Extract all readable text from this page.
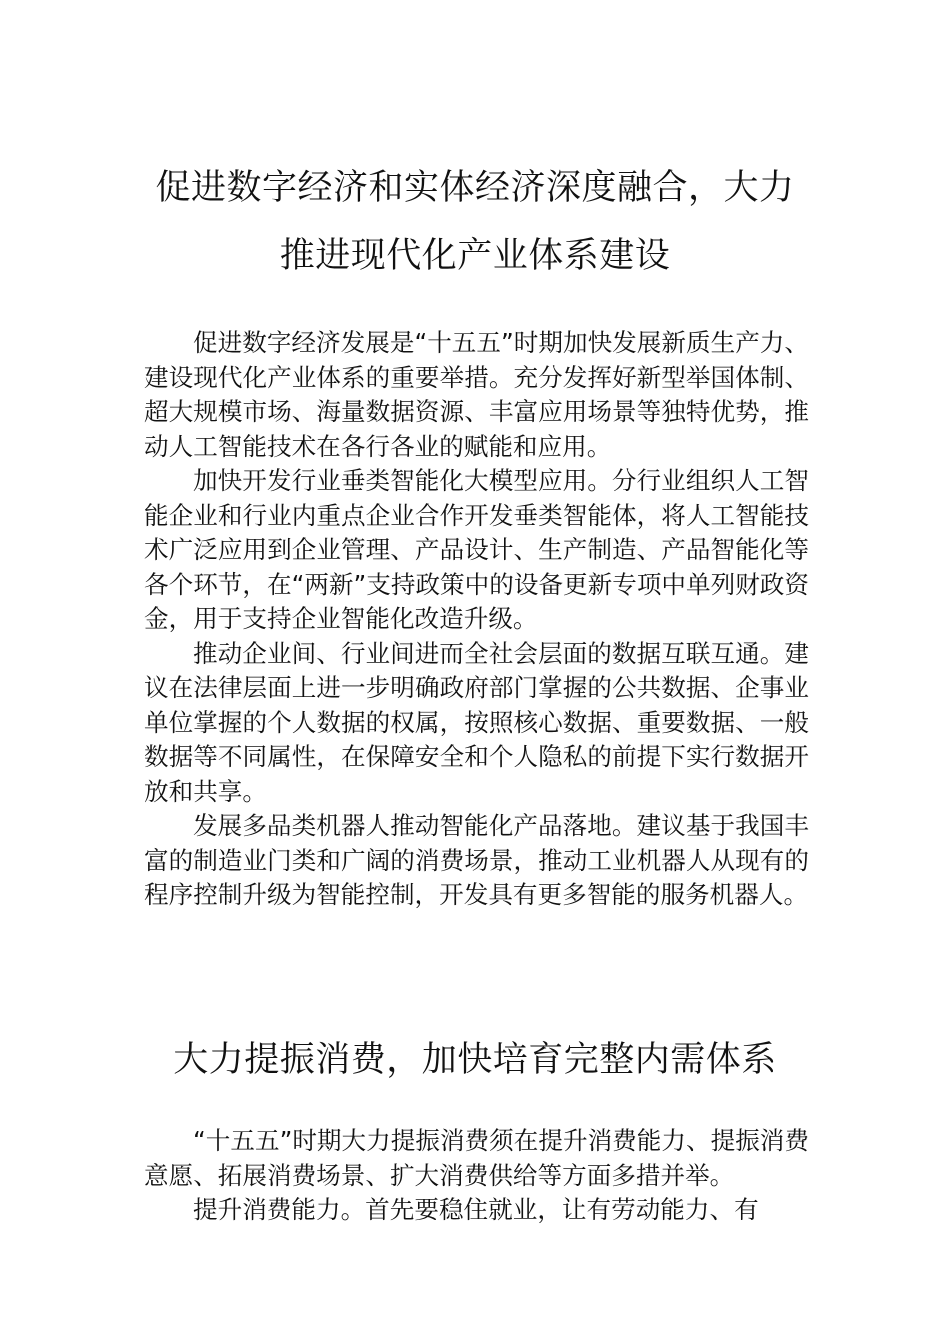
促进数字经济和实体经济深度融合，大力
推进现代化产业体系建设

促进数字经济发展是“十五五”时期加快发展新质生产力、建设现代化产业体系的重要举措。充分发挥好新型举国体制、超大规模市场、海量数据资源、丰富应用场景等独特优势，推动人工智能技术在各行各业的赋能和应用。

加快开发行业垂类智能化大模型应用。分行业组织人工智能企业和行业内重点企业合作开发垂类智能体，将人工智能技术广泛应用到企业管理、产品设计、生产制造、产品智能化等各个环节，在“两新”支持政策中的设备更新专项中单列财政资金，用于支持企业智能化改造升级。

推动企业间、行业间进而全社会层面的数据互联互通。建议在法律层面上进一步明确政府部门掌握的公共数据、企事业单位掌握的个人数据的权属，按照核心数据、重要数据、一般数据等不同属性，在保障安全和个人隐私的前提下实行数据开放和共享。

发展多品类机器人推动智能化产品落地。建议基于我国丰富的制造业门类和广阔的消费场景，推动工业机器人从现有的程序控制升级为智能控制，开发具有更多智能的服务机器人。

大力提振消费，加快培育完整内需体系

“十五五”时期大力提振消费须在提升消费能力、提振消费意愿、拓展消费场景、扩大消费供给等方面多措并举。

提升消费能力。首先要稳住就业，让有劳动能力、有
